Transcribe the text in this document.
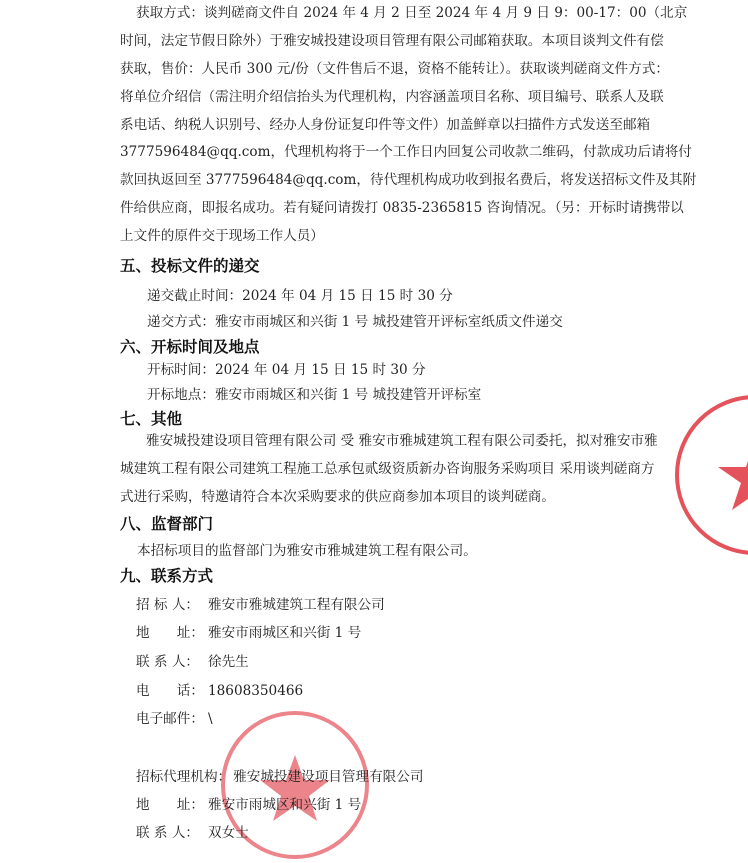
获取方式：谈判磋商文件自 2024 年 4 月 2 日至 2024 年 4 月 9 日 9：00-17：00（北京
时间，法定节假日除外）于雅安城投建设项目管理有限公司邮箱获取。本项目谈判文件有偿
获取，售价：人民币 300 元/份（文件售后不退，资格不能转让）。获取谈判磋商文件方式：
将单位介绍信（需注明介绍信抬头为代理机构，内容涵盖项目名称、项目编号、联系人及联
系电话、纳税人识别号、经办人身份证复印件等文件）加盖鲜章以扫描件方式发送至邮箱
3777596484@qq.com，代理机构将于一个工作日内回复公司收款二维码，付款成功后请将付
款回执返回至 3777596484@qq.com，待代理机构成功收到报名费后，将发送招标文件及其附
件给供应商，即报名成功。若有疑问请拨打 0835-2365815 咨询情况。（另：开标时请携带以
上文件的原件交于现场工作人员）
五、投标文件的递交
递交截止时间：2024 年 04 月 15 日 15 时 30 分
递交方式：雅安市雨城区和兴街 1 号 城投建管开评标室纸质文件递交
六、开标时间及地点
开标时间：2024 年 04 月 15 日 15 时 30 分
开标地点：雅安市雨城区和兴街 1 号 城投建管开评标室
七、其他
雅安城投建设项目管理有限公司 受 雅安市雅城建筑工程有限公司委托，拟对雅安市雅
城建筑工程有限公司建筑工程施工总承包贰级资质新办咨询服务采购项目 采用谈判磋商方
式进行采购，特邀请符合本次采购要求的供应商参加本项目的谈判磋商。
八、监督部门
本招标项目的监督部门为雅安市雅城建筑工程有限公司。
九、联系方式
招 标 人： 雅安市雅城建筑工程有限公司
地　　址： 雅安市雨城区和兴街 1 号
联 系 人： 徐先生
电　　话： 18608350466
电子邮件： \
招标代理机构： 雅安城投建设项目管理有限公司
地　　址： 雅安市雨城区和兴街 1 号
联 系 人： 双女士
